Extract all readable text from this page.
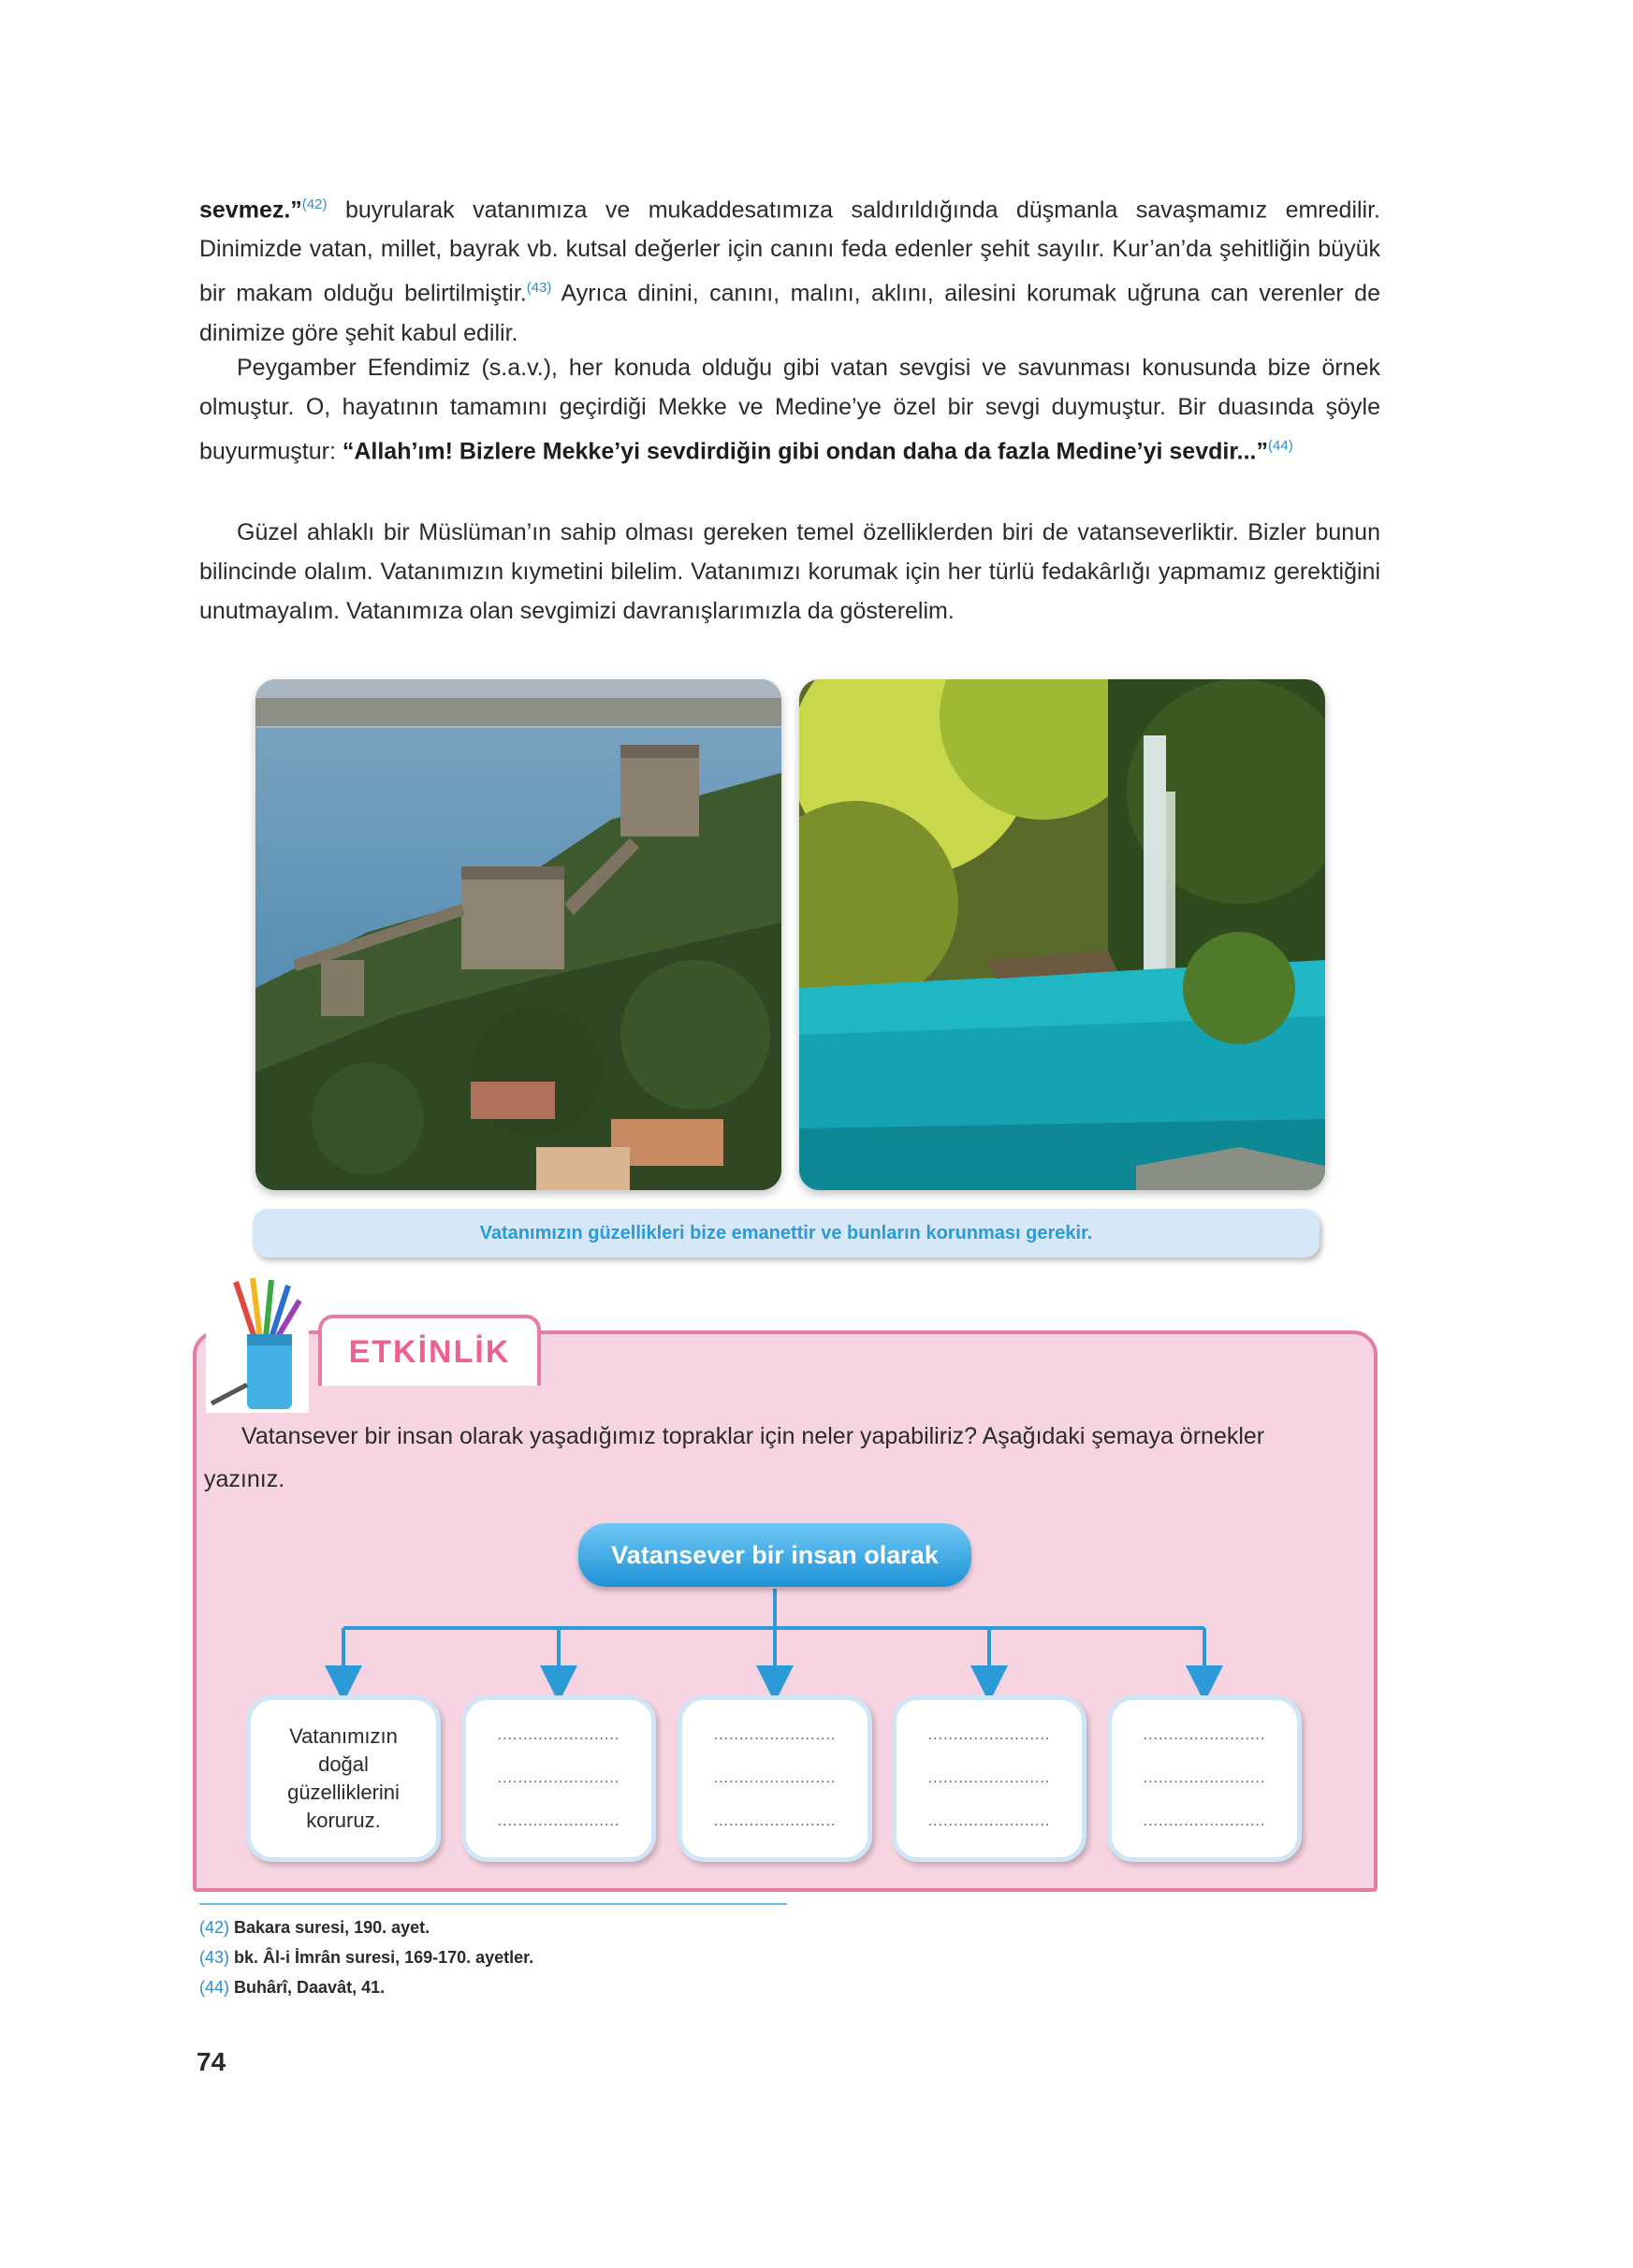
sevmez.”$^{(42)}$ buyrularak vatanımıza ve mukaddesatımıza saldırıldığında düşmanla savaşmamız emredilir. Dinimizde vatan, millet, bayrak vb. kutsal değerler için canını feda edenler şehit sayılır. Kur’an’da şehitliğin büyük bir makam olduğu belirtilmiştir.$^{(43)}$ Ayrıca dinini, canını, malını, aklını, ailesini korumak uğruna can verenler de dinimize göre şehit kabul edilir.

Peygamber Efendimiz (s.a.v.), her konuda olduğu gibi vatan sevgisi ve savunması konusunda bize örnek olmuştur. O, hayatının tamamını geçirdiği Mekke ve Medine’ye özel bir sevgi duymuştur. Bir duasında şöyle buyurmuştur: “Allah’ım! Bizlere Mekke’yi sevdirdiğin gibi ondan daha da fazla Medine’yi sevdir...”$^{(44)}$

Güzel ahlaklı bir Müslüman’ın sahip olması gereken temel özelliklerden biri de vatanseverliktir. Bizler bunun bilincinde olalım. Vatanımızın kıymetini bilelim. Vatanımızı korumak için her türlü fedakârlığı yapmamız gerektiğini unutmayalım. Vatanımıza olan sevgimizi davranışlarımızla da gösterelim.

Vatanımızın güzellikleri bize emanettir ve bunların korunması gerekir.
ETKİNLİK

Vatansever bir insan olarak yaşadığımız topraklar için neler yapabiliriz? Aşağıdaki şemaya örnekler yazınız.

Vatansever bir insan olarak
Vatanımızın doğal güzelliklerini koruruz.
........................
........................
........................
........................
........................
........................
........................
........................
........................
........................
........................
........................
(42) Bakara suresi, 190. ayet.
(43) bk. Âl-i İmrân suresi, 169-170. ayetler.
(44) Buhârî, Daavât, 41.
74
